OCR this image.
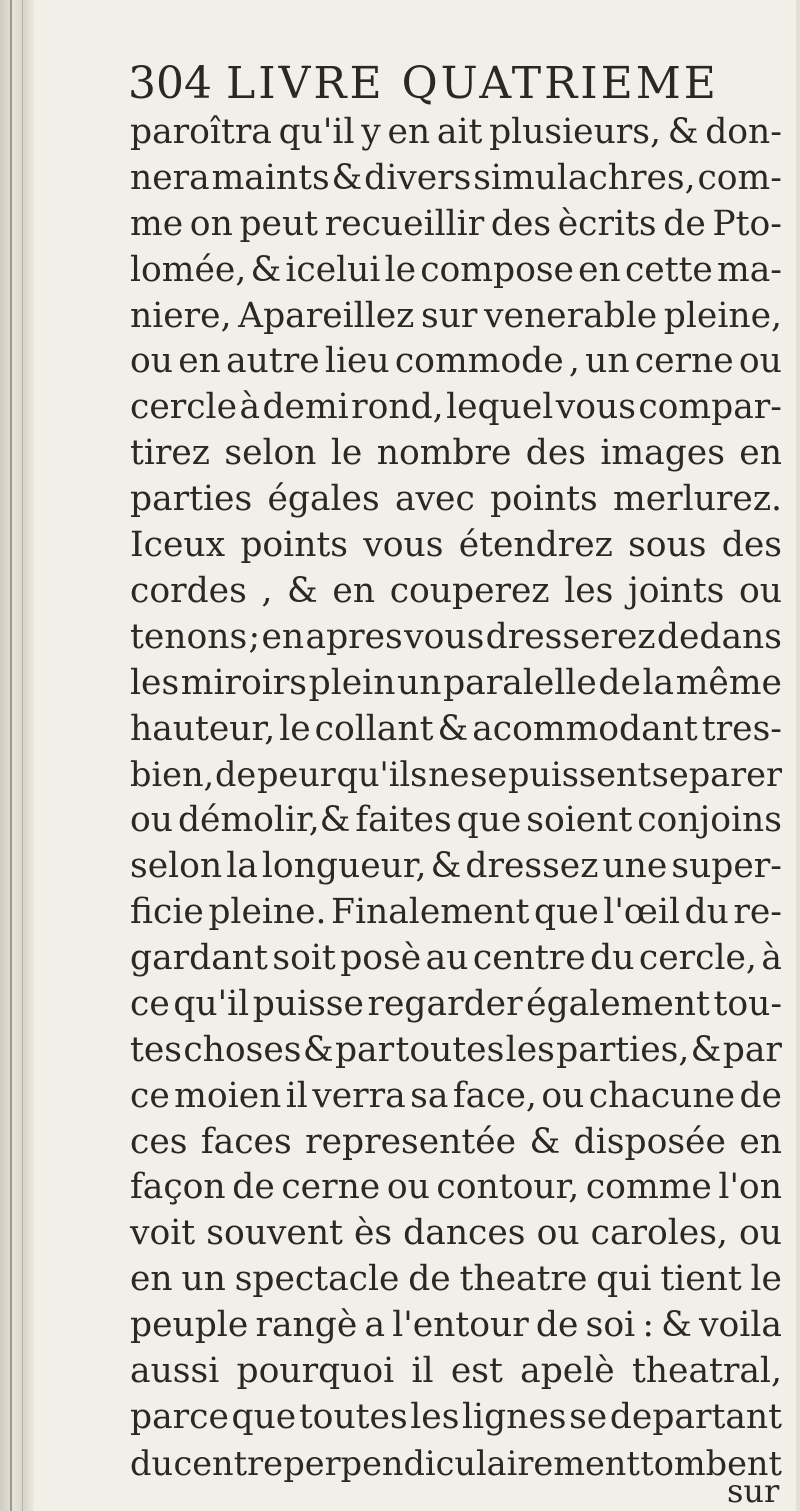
304 LIVRE QUATRIEME
paroîtra qu'il y en ait plusieurs, & don-
nera maints & divers simulachres, com-
me on peut recueillir des ècrits de Pto-
lomée, & icelui le compose en cette ma-
niere, Apareillez sur venerable pleine,
ou en autre lieu commode , un cerne ou
cercle à demi rond, lequel vous compar-
tirez selon le nombre des images en
parties égales avec points merlurez.
Iceux points vous étendrez sous des
cordes , & en couperez les joints ou
tenons ; en apres vous dresserez dedans
les miroirs plein un paralelle de la même
hauteur, le collant & acommodant tres-
bien, de peur qu'ils ne se puissent separer
ou démolir,& faites que soient conjoins
selon la longueur, & dressez une super-
ficie pleine. Finalement que l'œil du re-
gardant soit posè au centre du cercle, à
ce qu'il puisse regarder également tou-
tes choses & par toutes les parties, & par
ce moien il verra sa face, ou chacune de
ces faces representée & disposée en
façon de cerne ou contour, comme l'on
voit souvent ès dances ou caroles, ou
en un spectacle de theatre qui tient le
peuple rangè a l'entour de soi : & voila
aussi pourquoi il est apelè theatral,
parce que toutes les lignes se departant
du centre perpendiculairement tombent
sur
